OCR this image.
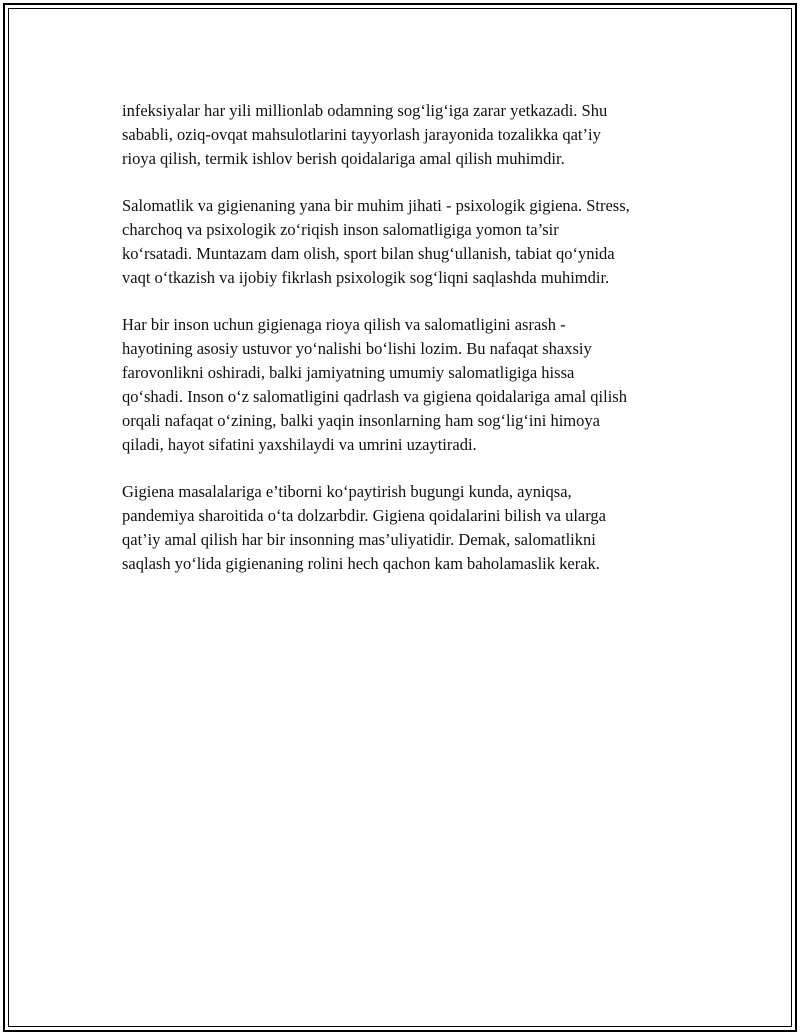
infeksiyalar har yili millionlab odamning sog‘lig‘iga zarar yetkazadi. Shu
sababli, oziq-ovqat mahsulotlarini tayyorlash jarayonida tozalikka qat’iy
rioya qilish, termik ishlov berish qoidalariga amal qilish muhimdir.

Salomatlik va gigienaning yana bir muhim jihati - psixologik gigiena. Stress,
charchoq va psixologik zo‘riqish inson salomatligiga yomon ta’sir
ko‘rsatadi. Muntazam dam olish, sport bilan shug‘ullanish, tabiat qo‘ynida
vaqt o‘tkazish va ijobiy fikrlash psixologik sog‘liqni saqlashda muhimdir.

Har bir inson uchun gigienaga rioya qilish va salomatligini asrash -
hayotining asosiy ustuvor yo‘nalishi bo‘lishi lozim. Bu nafaqat shaxsiy
farovonlikni oshiradi, balki jamiyatning umumiy salomatligiga hissa
qo‘shadi. Inson o‘z salomatligini qadrlash va gigiena qoidalariga amal qilish
orqali nafaqat o‘zining, balki yaqin insonlarning ham sog‘lig‘ini himoya
qiladi, hayot sifatini yaxshilaydi va umrini uzaytiradi.

Gigiena masalalariga e’tiborni ko‘paytirish bugungi kunda, ayniqsa,
pandemiya sharoitida o‘ta dolzarbdir. Gigiena qoidalarini bilish va ularga
qat’iy amal qilish har bir insonning mas’uliyatidir. Demak, salomatlikni
saqlash yo‘lida gigienaning rolini hech qachon kam baholamaslik kerak.
